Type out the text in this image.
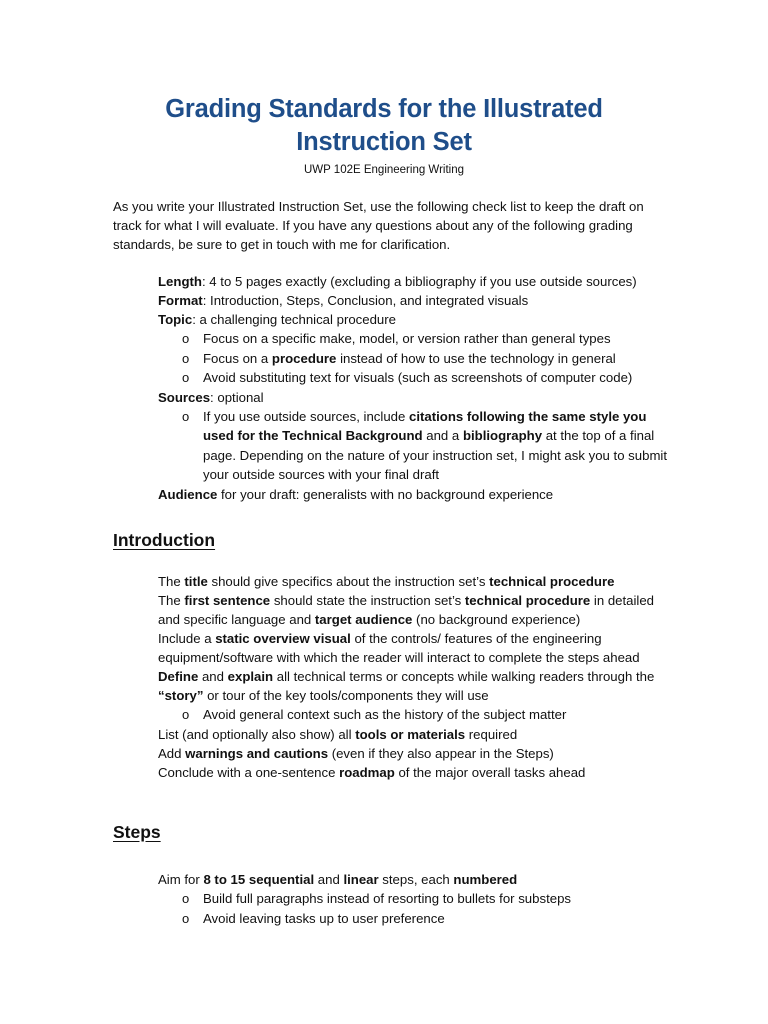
Grading Standards for the Illustrated Instruction Set
UWP 102E Engineering Writing
As you write your Illustrated Instruction Set, use the following check list to keep the draft on track for what I will evaluate. If you have any questions about any of the following grading standards, be sure to get in touch with me for clarification.
Length: 4 to 5 pages exactly (excluding a bibliography if you use outside sources)
Format: Introduction, Steps, Conclusion, and integrated visuals
Topic: a challenging technical procedure
o Focus on a specific make, model, or version rather than general types
o Focus on a procedure instead of how to use the technology in general
o Avoid substituting text for visuals (such as screenshots of computer code)
Sources: optional
o If you use outside sources, include citations following the same style you used for the Technical Background and a bibliography at the top of a final page. Depending on the nature of your instruction set, I might ask you to submit your outside sources with your final draft
Audience for your draft: generalists with no background experience
Introduction
The title should give specifics about the instruction set’s technical procedure
The first sentence should state the instruction set’s technical procedure in detailed and specific language and target audience (no background experience)
Include a static overview visual of the controls/ features of the engineering equipment/software with which the reader will interact to complete the steps ahead
Define and explain all technical terms or concepts while walking readers through the “story” or tour of the key tools/components they will use
o Avoid general context such as the history of the subject matter
List (and optionally also show) all tools or materials required
Add warnings and cautions (even if they also appear in the Steps)
Conclude with a one-sentence roadmap of the major overall tasks ahead
Steps
Aim for 8 to 15 sequential and linear steps, each numbered
o Build full paragraphs instead of resorting to bullets for substeps
o Avoid leaving tasks up to user preference
